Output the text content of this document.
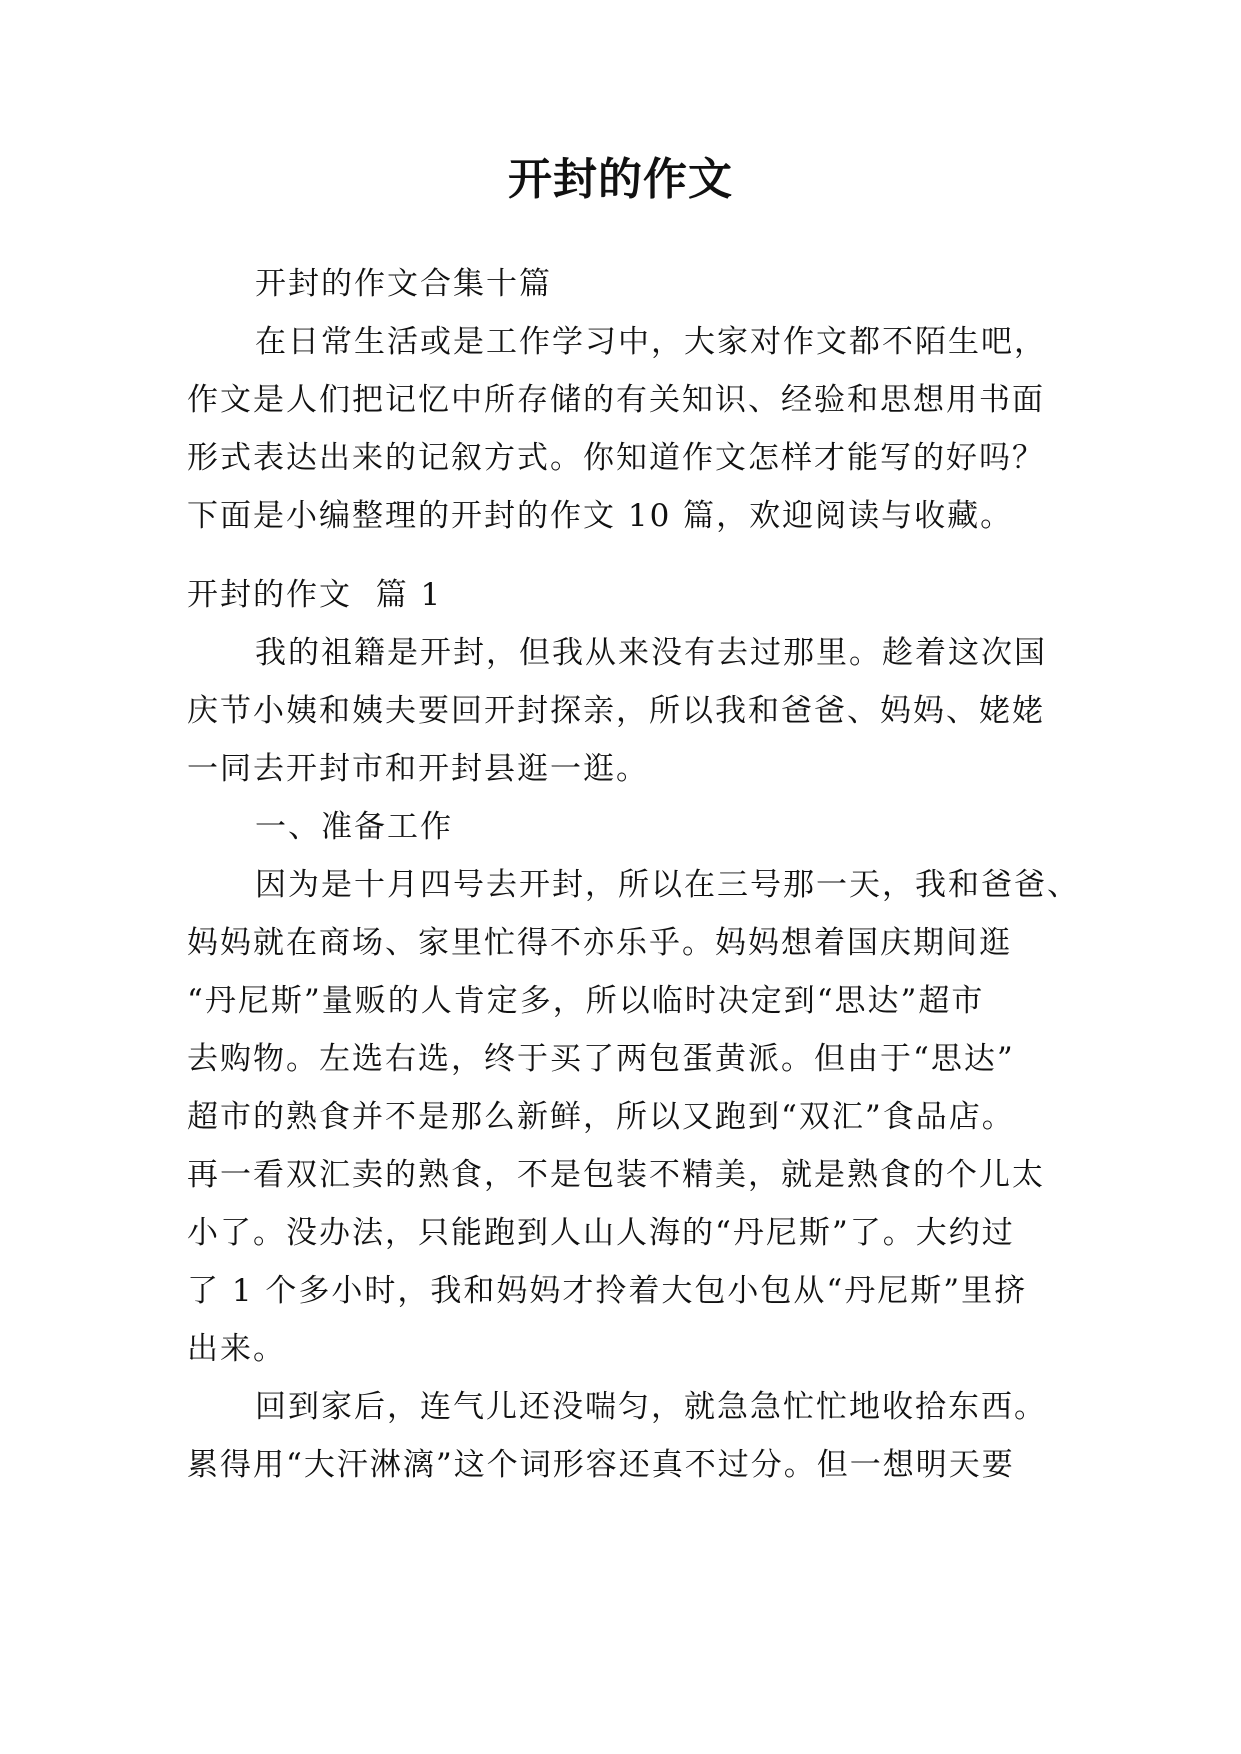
开封的作文
开封的作文合集十篇
在日常生活或是工作学习中，大家对作文都不陌生吧，
作文是人们把记忆中所存储的有关知识、经验和思想用书面
形式表达出来的记叙方式。你知道作文怎样才能写的好吗？
下面是小编整理的开封的作文 10 篇，欢迎阅读与收藏。
开封的作文  篇 1
我的祖籍是开封，但我从来没有去过那里。趁着这次国
庆节小姨和姨夫要回开封探亲，所以我和爸爸、妈妈、姥姥
一同去开封市和开封县逛一逛。
一、准备工作
因为是十月四号去开封，所以在三号那一天，我和爸爸、
妈妈就在商场、家里忙得不亦乐乎。妈妈想着国庆期间逛
“丹尼斯”量贩的人肯定多，所以临时决定到“思达”超市
去购物。左选右选，终于买了两包蛋黄派。但由于“思达”
超市的熟食并不是那么新鲜，所以又跑到“双汇”食品店。
再一看双汇卖的熟食，不是包装不精美，就是熟食的个儿太
小了。没办法，只能跑到人山人海的“丹尼斯”了。大约过
了 1 个多小时，我和妈妈才拎着大包小包从“丹尼斯”里挤
出来。
回到家后，连气儿还没喘匀，就急急忙忙地收拾东西。
累得用“大汗淋漓”这个词形容还真不过分。但一想明天要
